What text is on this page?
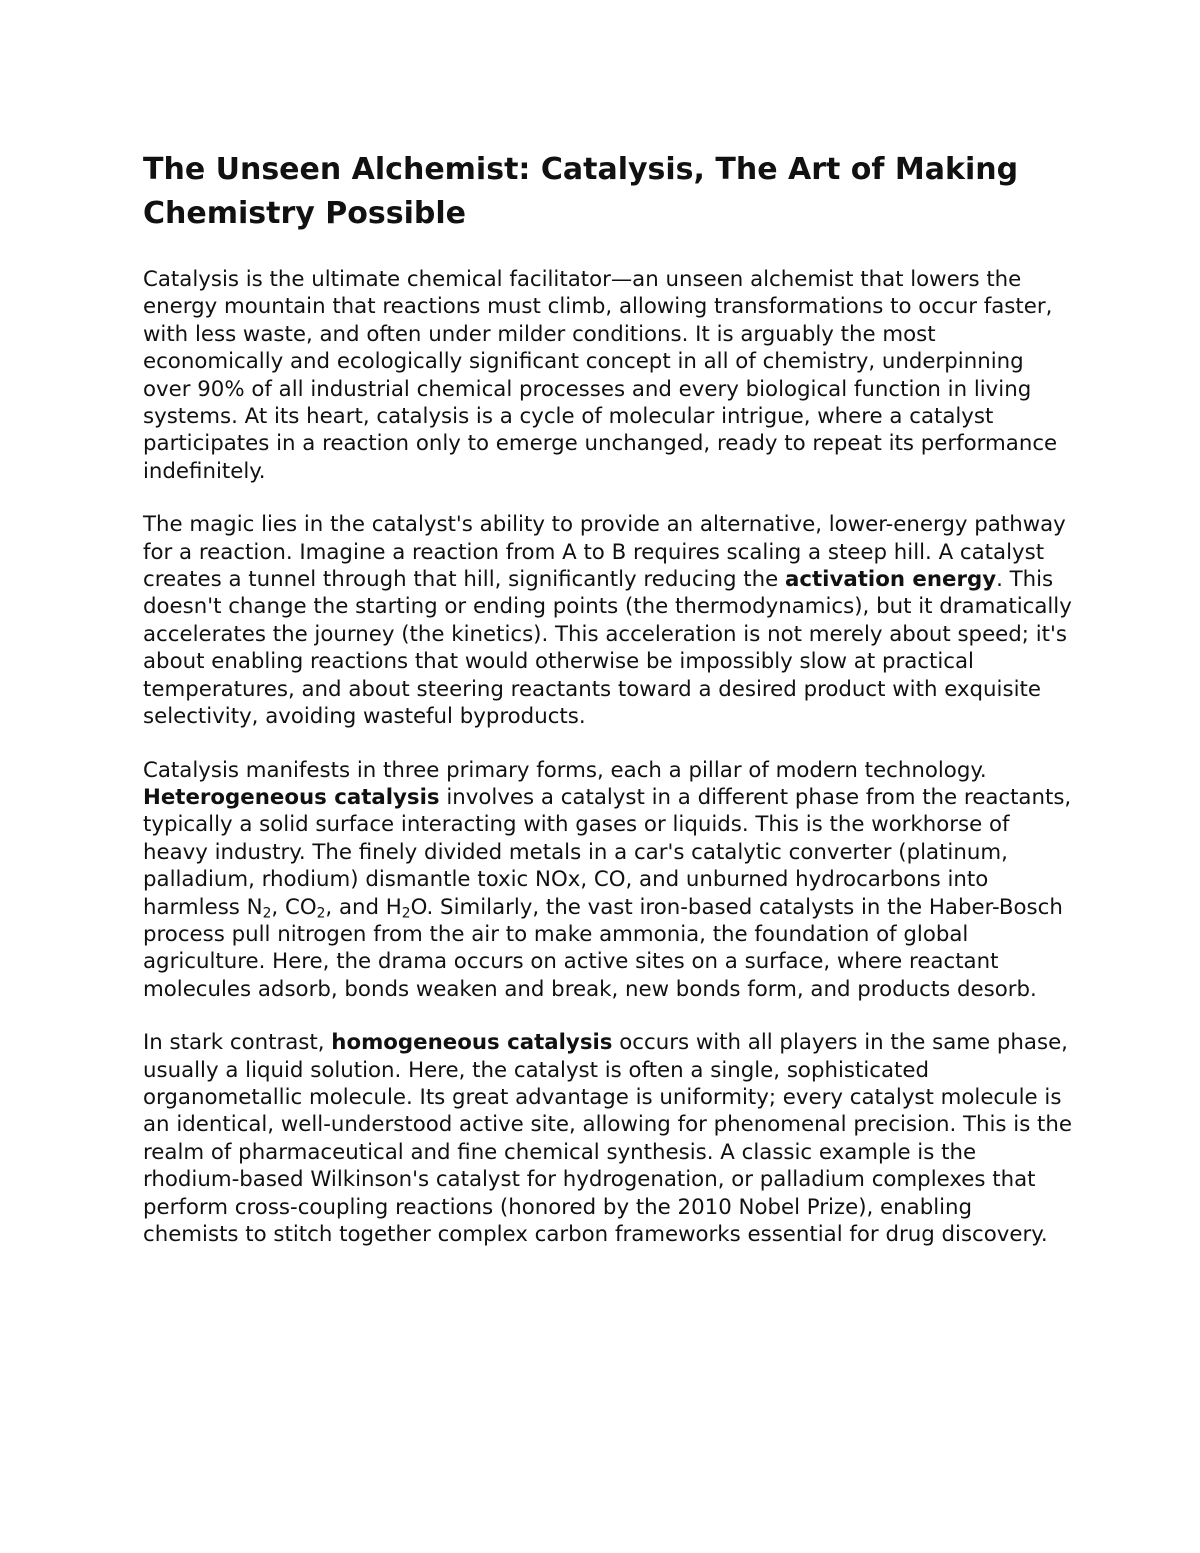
The Unseen Alchemist: Catalysis, The Art of Making Chemistry Possible

Catalysis is the ultimate chemical facilitator—an unseen alchemist that lowers the energy mountain that reactions must climb, allowing transformations to occur faster, with less waste, and often under milder conditions. It is arguably the most economically and ecologically significant concept in all of chemistry, underpinning over 90% of all industrial chemical processes and every biological function in living systems. At its heart, catalysis is a cycle of molecular intrigue, where a catalyst participates in a reaction only to emerge unchanged, ready to repeat its performance indefinitely.

The magic lies in the catalyst's ability to provide an alternative, lower-energy pathway for a reaction. Imagine a reaction from A to B requires scaling a steep hill. A catalyst creates a tunnel through that hill, significantly reducing the activation energy. This doesn't change the starting or ending points (the thermodynamics), but it dramatically accelerates the journey (the kinetics). This acceleration is not merely about speed; it's about enabling reactions that would otherwise be impossibly slow at practical temperatures, and about steering reactants toward a desired product with exquisite selectivity, avoiding wasteful byproducts.

Catalysis manifests in three primary forms, each a pillar of modern technology. Heterogeneous catalysis involves a catalyst in a different phase from the reactants, typically a solid surface interacting with gases or liquids. This is the workhorse of heavy industry. The finely divided metals in a car's catalytic converter (platinum, palladium, rhodium) dismantle toxic NOx, CO, and unburned hydrocarbons into harmless $N_2$, $CO_2$, and $H_2O$. Similarly, the vast iron-based catalysts in the Haber-Bosch process pull nitrogen from the air to make ammonia, the foundation of global agriculture. Here, the drama occurs on active sites on a surface, where reactant molecules adsorb, bonds weaken and break, new bonds form, and products desorb.

In stark contrast, homogeneous catalysis occurs with all players in the same phase, usually a liquid solution. Here, the catalyst is often a single, sophisticated organometallic molecule. Its great advantage is uniformity; every catalyst molecule is an identical, well-understood active site, allowing for phenomenal precision. This is the realm of pharmaceutical and fine chemical synthesis. A classic example is the rhodium-based Wilkinson's catalyst for hydrogenation, or palladium complexes that perform cross-coupling reactions (honored by the 2010 Nobel Prize), enabling chemists to stitch together complex carbon frameworks essential for drug discovery.
